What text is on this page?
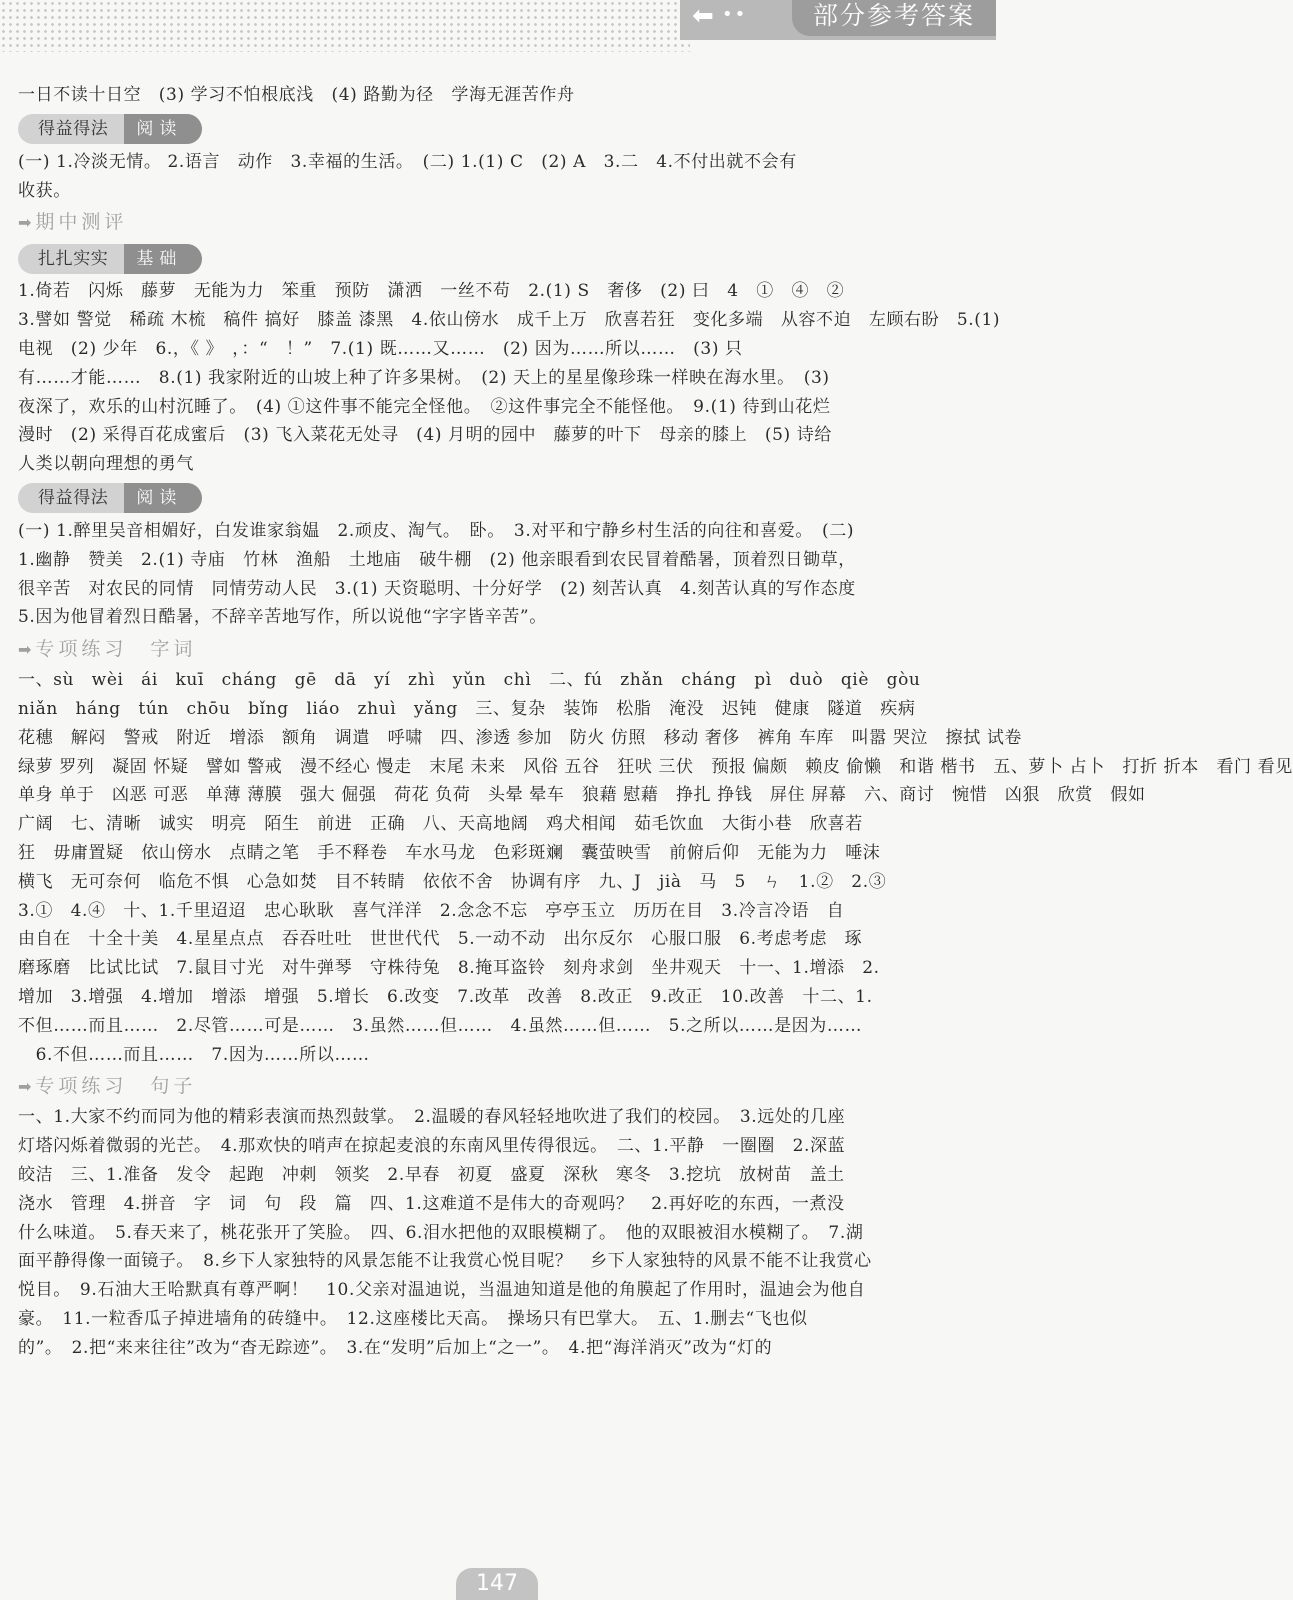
⬅ ••	部分参考答案
一日不读十日空　(3) 学习不怕根底浅　(4) 路勤为径　学海无涯苦作舟
得益得法 阅读
(一) 1.冷淡无情。 2.语言　动作　3.幸福的生活。　(二) 1.(1) C　(2) A　3.二　4.不付出就不会有
收获。
➡ 期中测评
扎扎实实 基础
1.倚若　闪烁　藤萝　无能为力　笨重　预防　潇洒　一丝不苟　2.(1) S　奢侈　(2) 曰　4　①　④　②
3.譬如 警觉　稀疏 木梳　稿件 搞好　膝盖 漆黑　4.依山傍水　成千上万　欣喜若狂　变化多端　从容不迫　左顾右盼　5.(1)
电视　(2) 少年　6.，《 》　，：“　！”　7.(1) 既……又……　(2) 因为……所以……　(3) 只
有……才能……　8.(1) 我家附近的山坡上种了许多果树。　(2) 天上的星星像珍珠一样映在海水里。　(3)
夜深了，欢乐的山村沉睡了。　(4) ①这件事不能完全怪他。　②这件事完全不能怪他。　9.(1) 待到山花烂
漫时　(2) 采得百花成蜜后　(3) 飞入菜花无处寻　(4) 月明的园中　藤萝的叶下　母亲的膝上　(5) 诗给
人类以朝向理想的勇气
得益得法 阅读
(一) 1.醉里吴音相媚好，白发谁家翁媪　2.顽皮、淘气。　卧。　3.对平和宁静乡村生活的向往和喜爱。　(二)
1.幽静　赞美　2.(1) 寺庙　竹林　渔船　土地庙　破牛棚　(2) 他亲眼看到农民冒着酷暑，顶着烈日锄草，
很辛苦　对农民的同情　同情劳动人民　3.(1) 天资聪明、十分好学　(2) 刻苦认真　4.刻苦认真的写作态度
5.因为他冒着烈日酷暑，不辞辛苦地写作，所以说他“字字皆辛苦”。
➡ 专项练习　字词
一、sù　wèi　ái　kuī　cháng　gē　dā　yí　zhì　yǔn　chì　二、fú　zhǎn　cháng　pì　duò　qiè　gòu
niǎn　háng　tún　chōu　bǐng　liáo　zhuì　yǎng　三、复杂　装饰　松脂　淹没　迟钝　健康　隧道　疾病
花穗　解闷　警戒　附近　增添　额角　调遣　呼啸　四、渗透 参加　防火 仿照　移动 奢侈　裤角 车库　叫嚣 哭泣　擦拭 试卷
绿萝 罗列　凝固 怀疑　譬如 警戒　漫不经心 慢走　末尾 未来　风俗 五谷　狂吠 三伏　预报 偏颇　赖皮 偷懒　和谐 楷书　五、萝卜 占卜　打折 折本　看门 看见
单身 单于　凶恶 可恶　单薄 薄膜　强大 倔强　荷花 负荷　头晕 晕车　狼藉 慰藉　挣扎 挣钱　屏住 屏幕　六、商讨　惋惜　凶狠　欣赏　假如
广阔　七、清晰　诚实　明亮　陌生　前进　正确　八、天高地阔　鸡犬相闻　茹毛饮血　大街小巷　欣喜若
狂　毋庸置疑　依山傍水　点睛之笔　手不释卷　车水马龙　色彩斑斓　囊萤映雪　前俯后仰　无能为力　唾沫
横飞　无可奈何　临危不惧　心急如焚　目不转睛　依依不舍　协调有序　九、J　jià　马　5　ㄣ　1.②　2.③
3.①　4.④　十、1.千里迢迢　忠心耿耿　喜气洋洋　2.念念不忘　亭亭玉立　历历在目　3.冷言冷语　自
由自在　十全十美　4.星星点点　吞吞吐吐　世世代代　5.一动不动　出尔反尔　心服口服　6.考虑考虑　琢
磨琢磨　比试比试　7.鼠目寸光　对牛弹琴　守株待兔　8.掩耳盗铃　刻舟求剑　坐井观天　十一、1.增添　2.
增加　3.增强　4.增加　增添　增强　5.增长　6.改变　7.改革　改善　8.改正　9.改正　10.改善　十二、1.
不但……而且……　2.尽管……可是……　3.虽然……但……　4.虽然……但……　5.之所以……是因为……
　6.不但……而且……　7.因为……所以……
➡ 专项练习　句子
一、1.大家不约而同为他的精彩表演而热烈鼓掌。　2.温暖的春风轻轻地吹进了我们的校园。　3.远处的几座
灯塔闪烁着微弱的光芒。　4.那欢快的哨声在掠起麦浪的东南风里传得很远。　二、1.平静　一圈圈　2.深蓝
皎洁　三、1.准备　发令　起跑　冲刺　领奖　2.早春　初夏　盛夏　深秋　寒冬　3.挖坑　放树苗　盖土
浇水　管理　4.拼音　字　词　句　段　篇　四、1.这难道不是伟大的奇观吗？　2.再好吃的东西，一煮没
什么味道。　5.春天来了，桃花张开了笑脸。　四、6.泪水把他的双眼模糊了。　他的双眼被泪水模糊了。　7.湖
面平静得像一面镜子。　8.乡下人家独特的风景怎能不让我赏心悦目呢？　乡下人家独特的风景不能不让我赏心
悦目。　9.石油大王哈默真有尊严啊！　10.父亲对温迪说，当温迪知道是他的角膜起了作用时，温迪会为他自
豪。　11.一粒香瓜子掉进墙角的砖缝中。　12.这座楼比天高。　操场只有巴掌大。　五、1.删去“飞也似
的”。　2.把“来来往往”改为“杳无踪迹”。　3.在“发明”后加上“之一”。　4.把“海洋消灭”改为“灯的
147
